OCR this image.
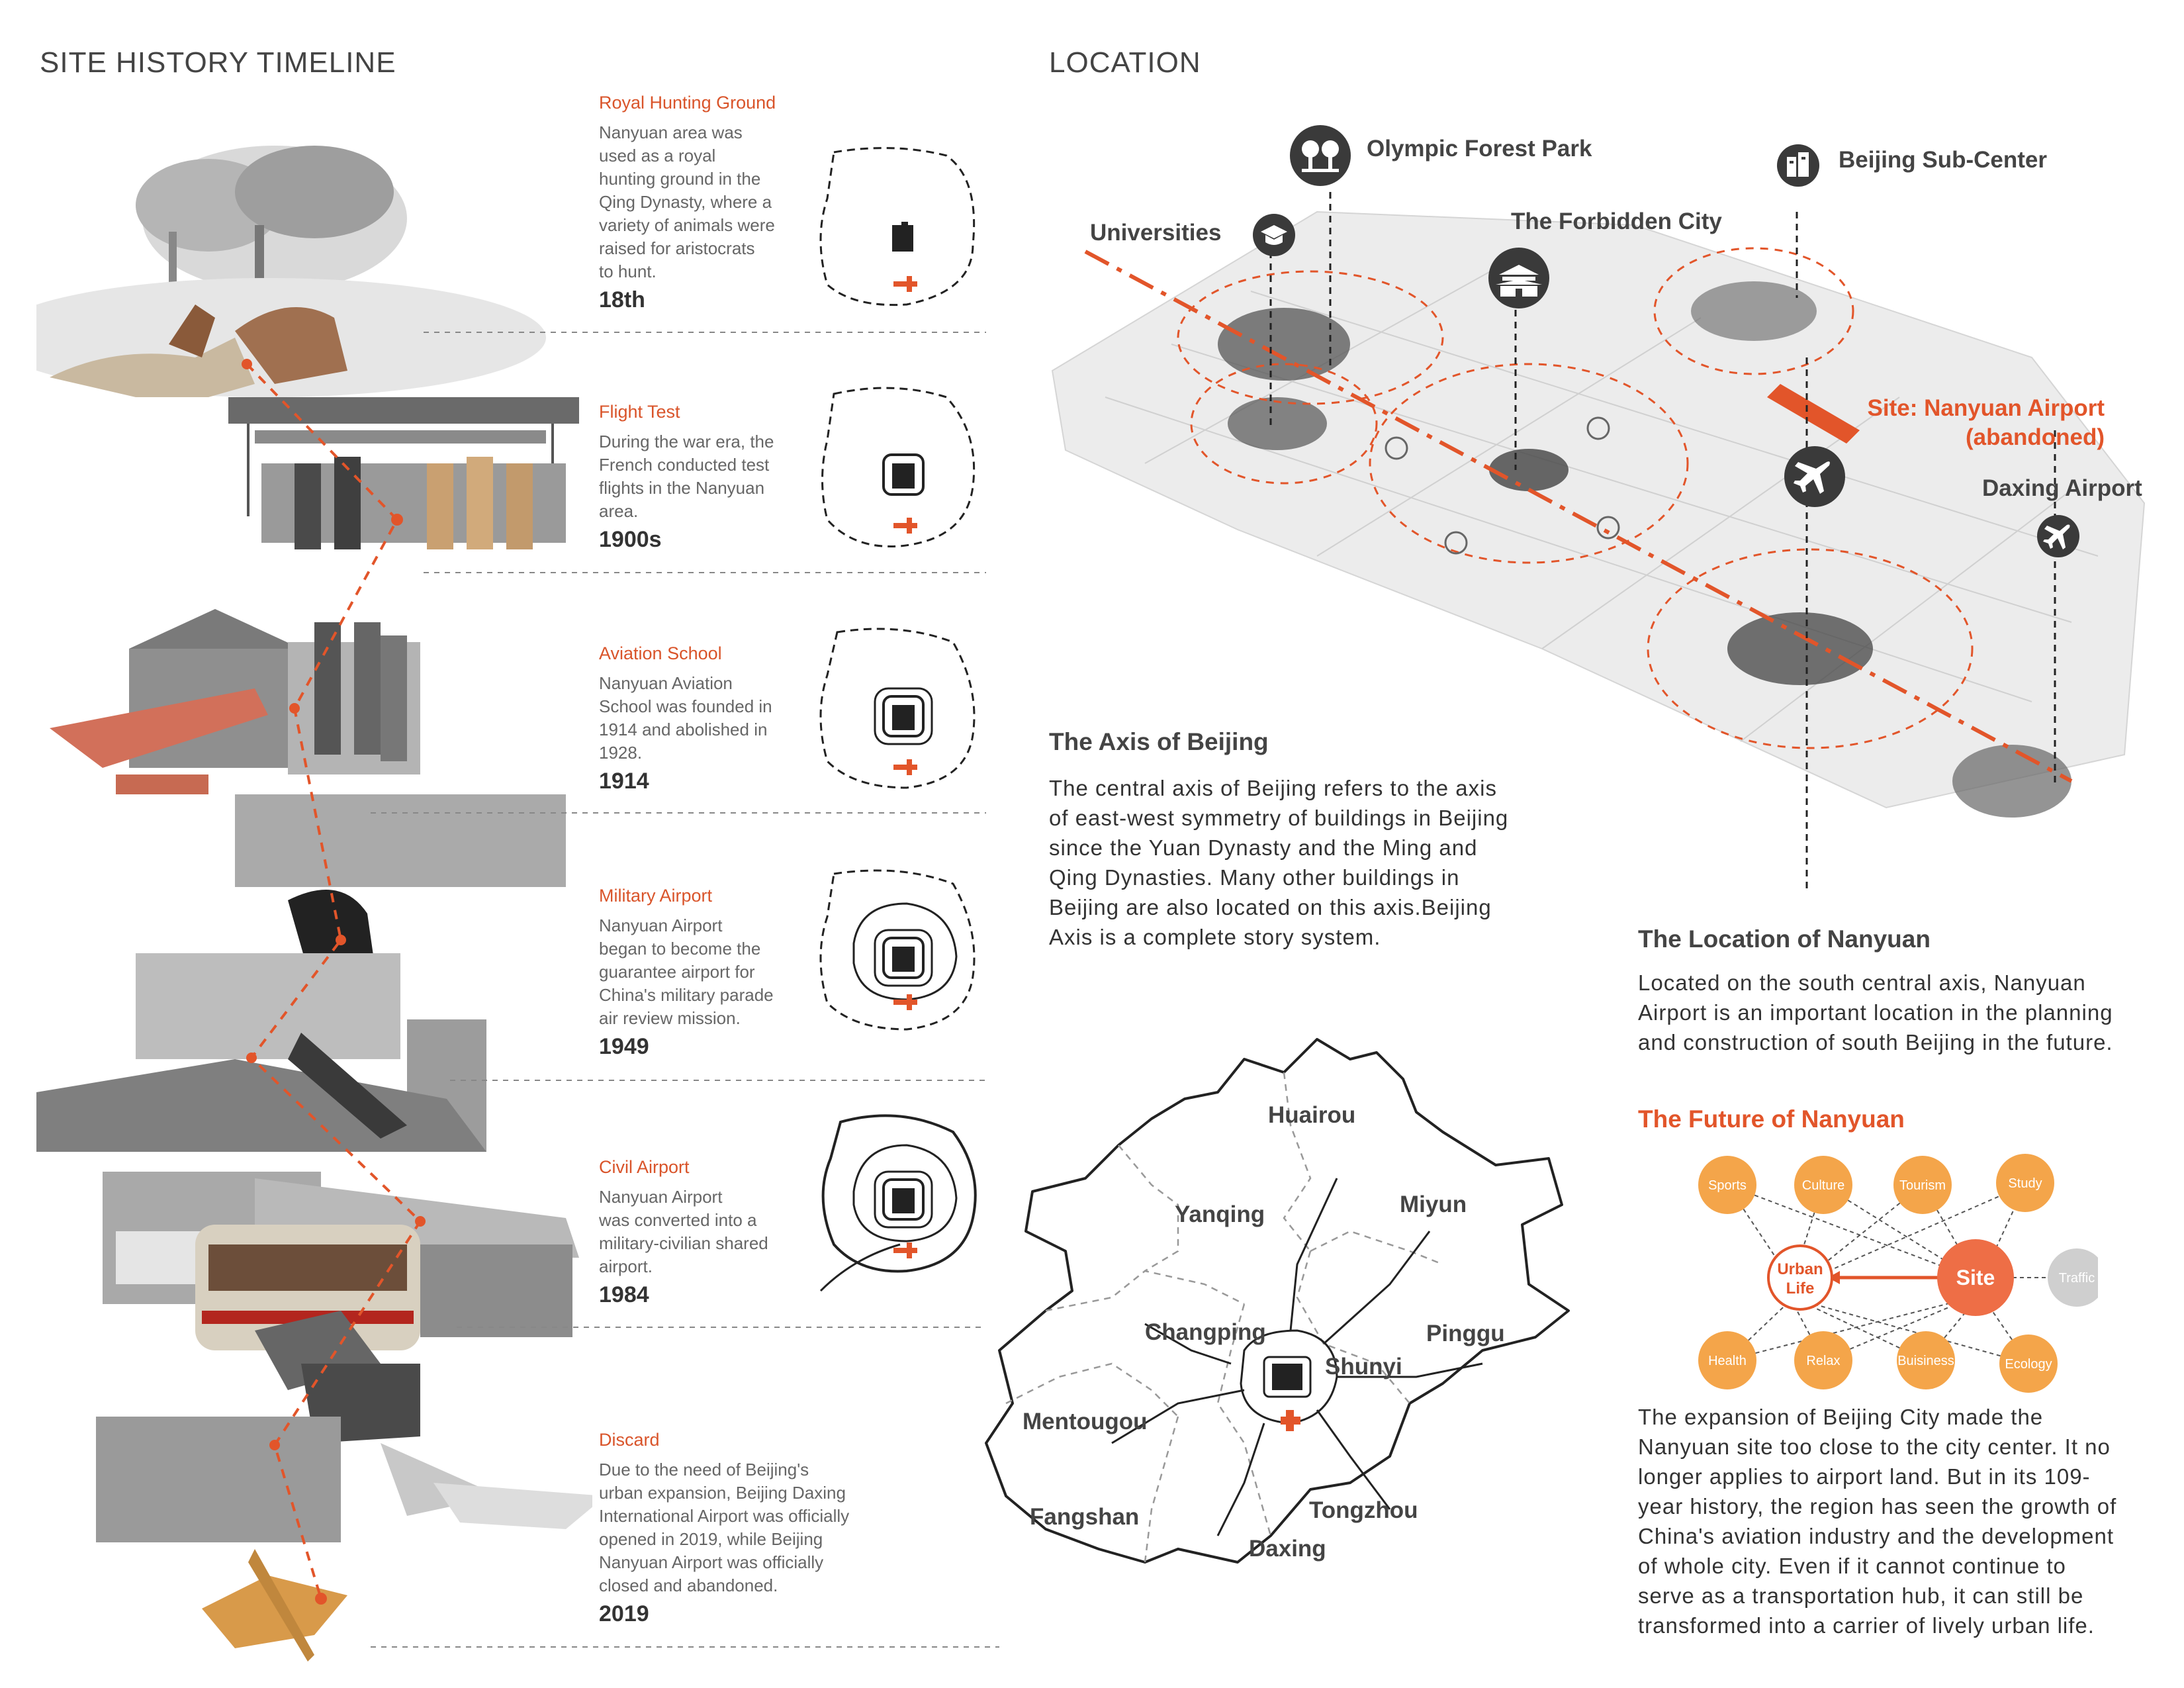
SITE HISTORY TIMELINE
Royal Hunting Ground
Nanyuan area was
used as a royal
hunting ground in the
Qing Dynasty, where a
variety of animals were
raised for aristocrats
to hunt.
18th
Flight Test
During the war era, the
French conducted test
flights in the Nanyuan
area.
1900s
Aviation School
Nanyuan Aviation
School was founded in
1914 and abolished in
1928.
1914
Military Airport
Nanyuan Airport
began to become the
guarantee airport for
China's military parade
air review mission.
1949
Civil Airport
Nanyuan Airport
was converted into a
military-civilian shared
airport.
1984
Discard
Due to the need of Beijing's
urban expansion, Beijing Daxing
International Airport was officially
opened in 2019, while Beijing
Nanyuan Airport was officially
closed and abandoned.
2019
LOCATION
Olympic Forest Park	Beijing Sub-Center
Universities	The Forbidden City
Site: Nanyuan Airport
(abandoned)
Daxing Airport
The Axis of Beijing
The central axis of Beijing refers to the axis
of east-west symmetry of buildings in Beijing
since the Yuan Dynasty and the Ming and
Qing Dynasties. Many other buildings in
Beijing are also located on this axis.Beijing
Axis is a complete story system.	The Location of Nanyuan
Located on the south central axis, Nanyuan
Airport is an important location in the planning
and construction of south Beijing in the future.
The Future of Nanyuan
Sports	Culture	Tourism	Study
Urban
Life	Site	Traffic
Health	Relax	Buisiness	Ecology
The expansion of Beijing City made the
Nanyuan site too close to the city center. It no
longer applies to airport land. But in its 109-
year history, the region has seen the growth of
China's aviation industry and the development
of whole city. Even if it cannot continue to
serve as a transportation hub, it can still be
transformed into a carrier of lively urban life.
Huairou
Yanqing	Miyun
Changping	Pinggu
Shunyi
Mentougou
Fangshan	Tongzhou
Daxing
